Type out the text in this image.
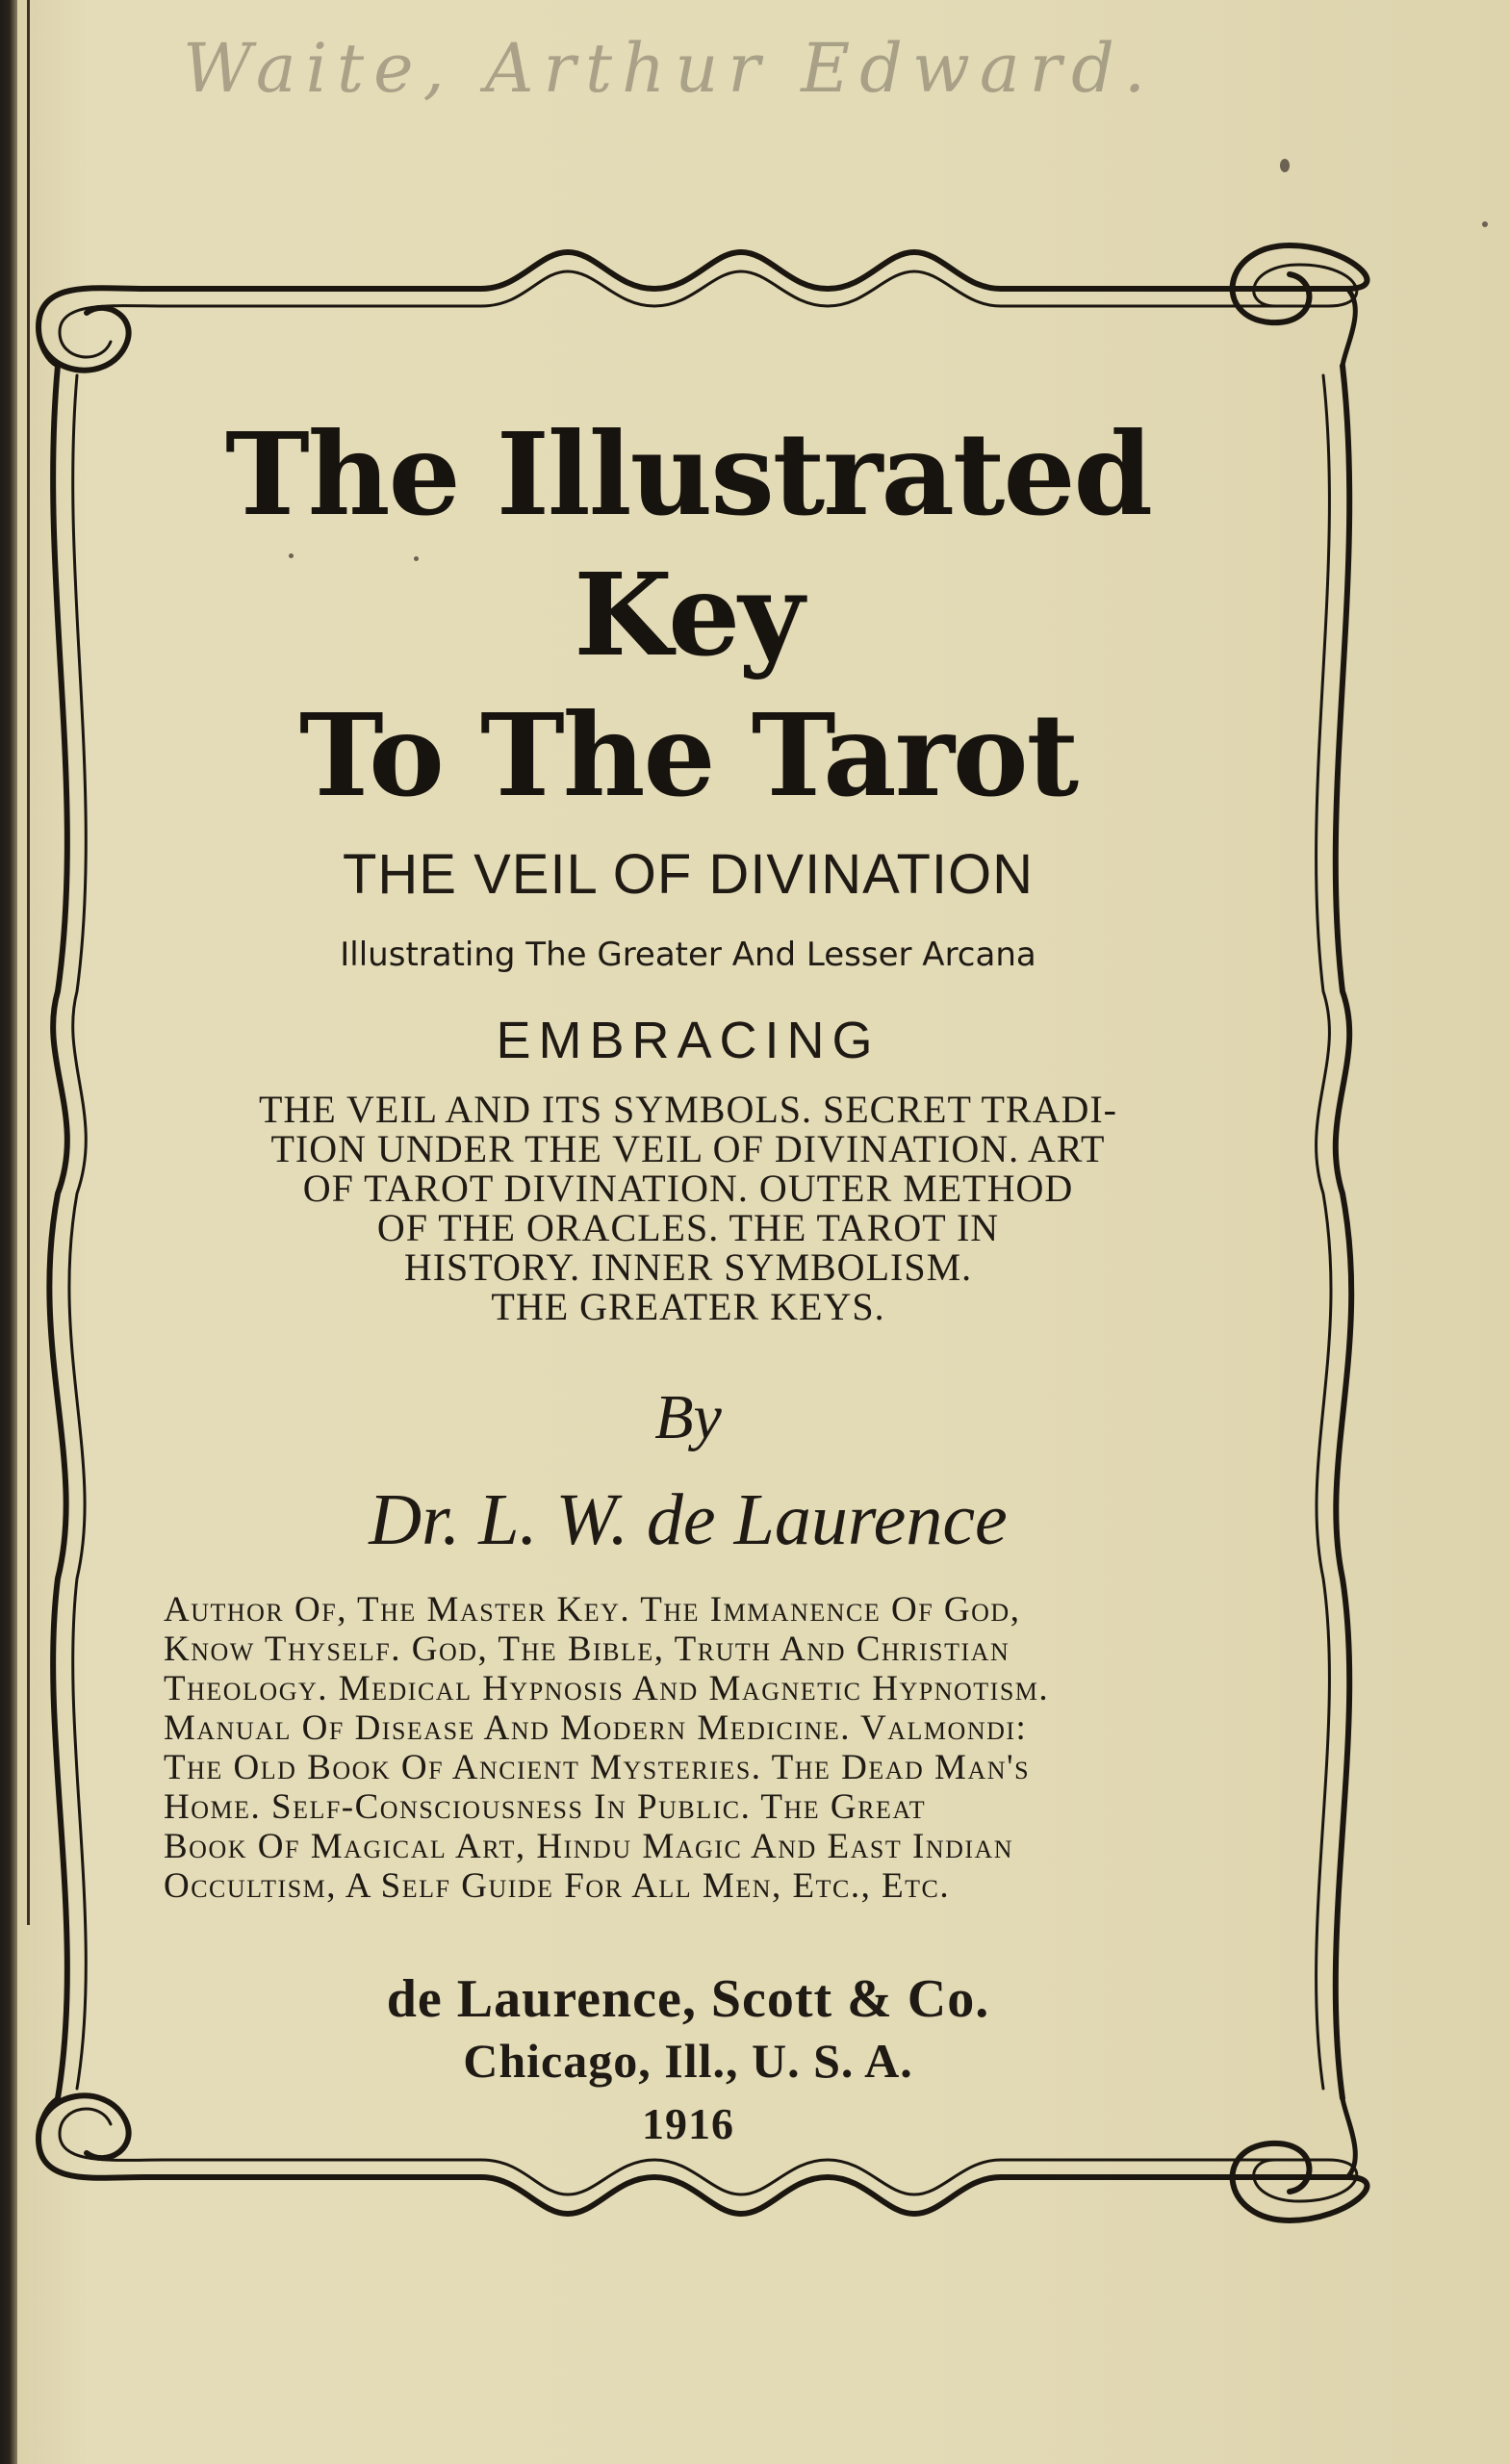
Waite, Arthur Edward.
The Illustrated Key
To The Tarot
THE VEIL OF DIVINATION
Illustrating The Greater And Lesser Arcana
EMBRACING
THE VEIL AND ITS SYMBOLS. SECRET TRADI-
TION UNDER THE VEIL OF DIVINATION. ART
OF TAROT DIVINATION. OUTER METHOD
OF THE ORACLES. THE TAROT IN
HISTORY. INNER SYMBOLISM.
THE GREATER KEYS.
By
Dr. L. W. de Laurence
Author Of, The Master Key. The Immanence Of God,
Know Thyself. God, The Bible, Truth And Christian
Theology. Medical Hypnosis And Magnetic Hypnotism.
Manual Of Disease And Modern Medicine. Valmondi:
The Old Book Of Ancient Mysteries. The Dead Man's
Home. Self-Consciousness In Public. The Great
Book Of Magical Art, Hindu Magic And East Indian
Occultism, A Self Guide For All Men, Etc., Etc.
de Laurence, Scott & Co.
Chicago, Ill., U. S. A.
1916
